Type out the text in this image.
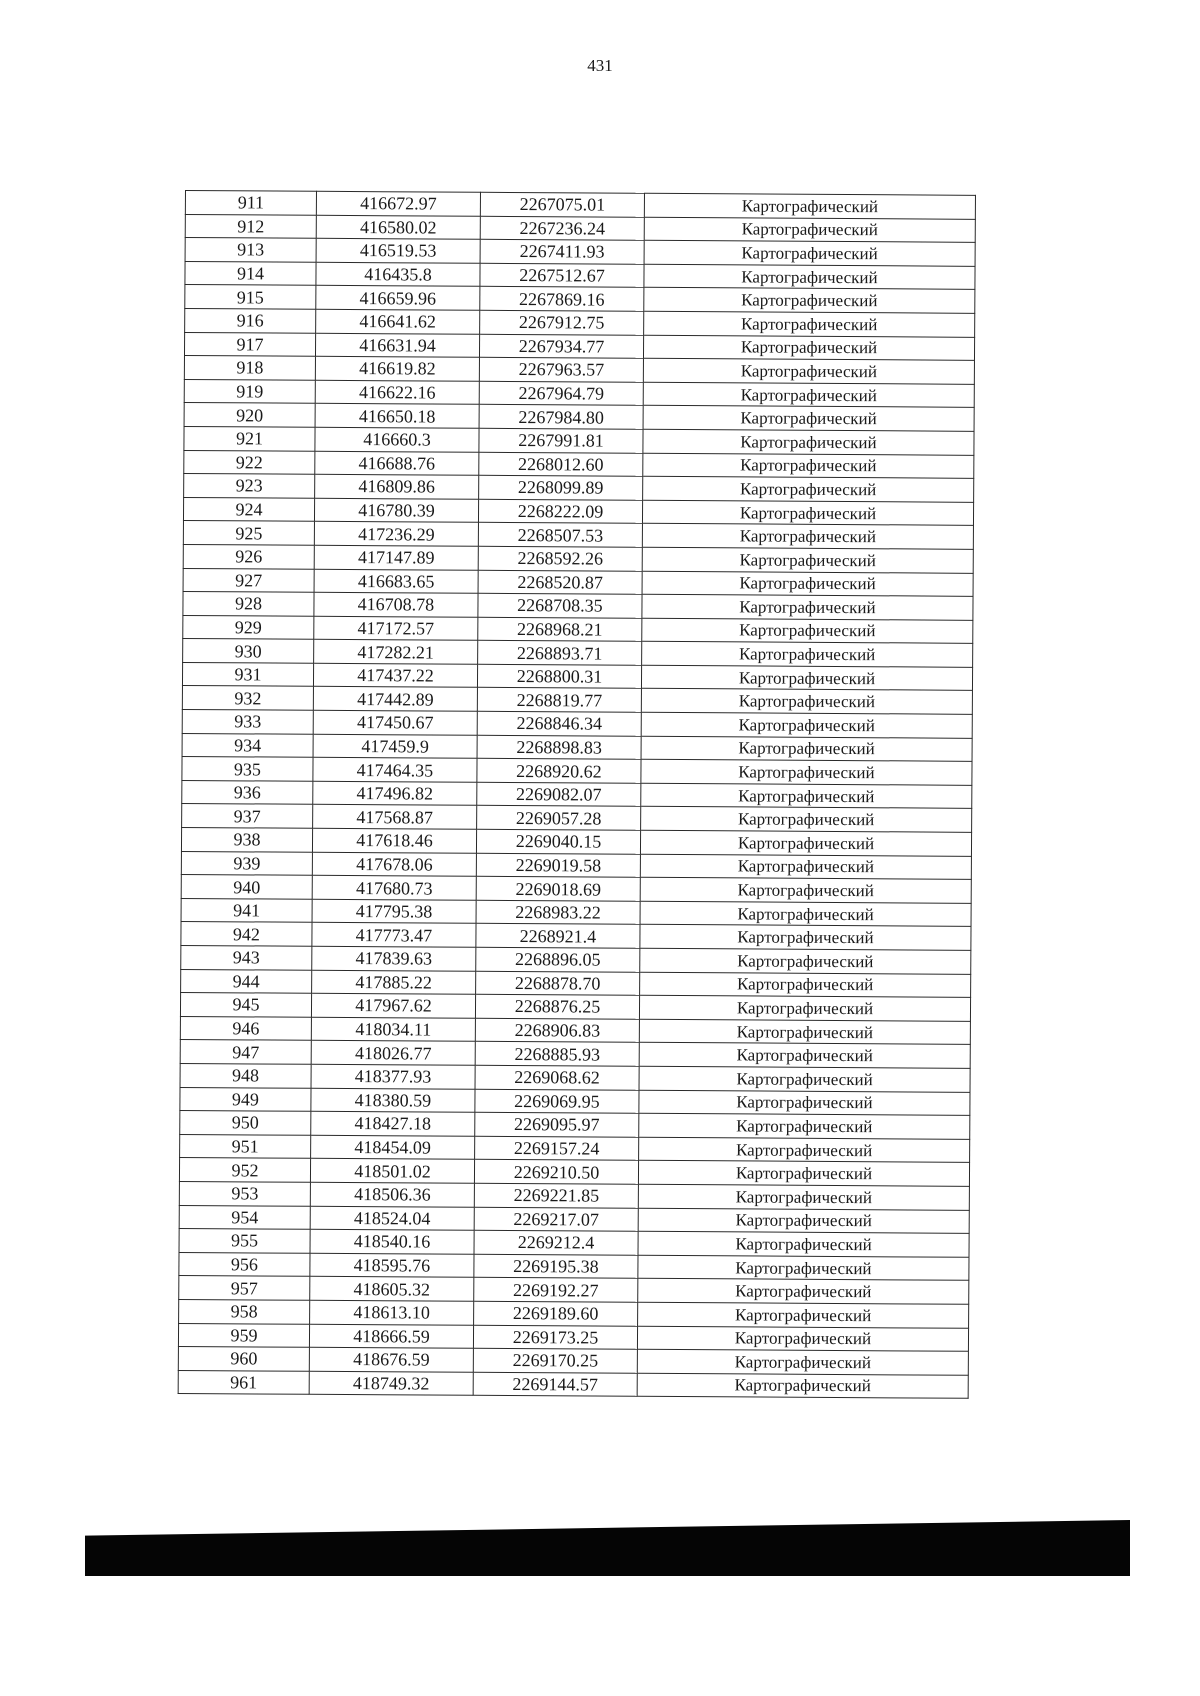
431
911	416672.97	2267075.01	Картографический
912	416580.02	2267236.24	Картографический
913	416519.53	2267411.93	Картографический
914	416435.8	2267512.67	Картографический
915	416659.96	2267869.16	Картографический
916	416641.62	2267912.75	Картографический
917	416631.94	2267934.77	Картографический
918	416619.82	2267963.57	Картографический
919	416622.16	2267964.79	Картографический
920	416650.18	2267984.80	Картографический
921	416660.3	2267991.81	Картографический
922	416688.76	2268012.60	Картографический
923	416809.86	2268099.89	Картографический
924	416780.39	2268222.09	Картографический
925	417236.29	2268507.53	Картографический
926	417147.89	2268592.26	Картографический
927	416683.65	2268520.87	Картографический
928	416708.78	2268708.35	Картографический
929	417172.57	2268968.21	Картографический
930	417282.21	2268893.71	Картографический
931	417437.22	2268800.31	Картографический
932	417442.89	2268819.77	Картографический
933	417450.67	2268846.34	Картографический
934	417459.9	2268898.83	Картографический
935	417464.35	2268920.62	Картографический
936	417496.82	2269082.07	Картографический
937	417568.87	2269057.28	Картографический
938	417618.46	2269040.15	Картографический
939	417678.06	2269019.58	Картографический
940	417680.73	2269018.69	Картографический
941	417795.38	2268983.22	Картографический
942	417773.47	2268921.4	Картографический
943	417839.63	2268896.05	Картографический
944	417885.22	2268878.70	Картографический
945	417967.62	2268876.25	Картографический
946	418034.11	2268906.83	Картографический
947	418026.77	2268885.93	Картографический
948	418377.93	2269068.62	Картографический
949	418380.59	2269069.95	Картографический
950	418427.18	2269095.97	Картографический
951	418454.09	2269157.24	Картографический
952	418501.02	2269210.50	Картографический
953	418506.36	2269221.85	Картографический
954	418524.04	2269217.07	Картографический
955	418540.16	2269212.4	Картографический
956	418595.76	2269195.38	Картографический
957	418605.32	2269192.27	Картографический
958	418613.10	2269189.60	Картографический
959	418666.59	2269173.25	Картографический
960	418676.59	2269170.25	Картографический
961	418749.32	2269144.57	Картографический
